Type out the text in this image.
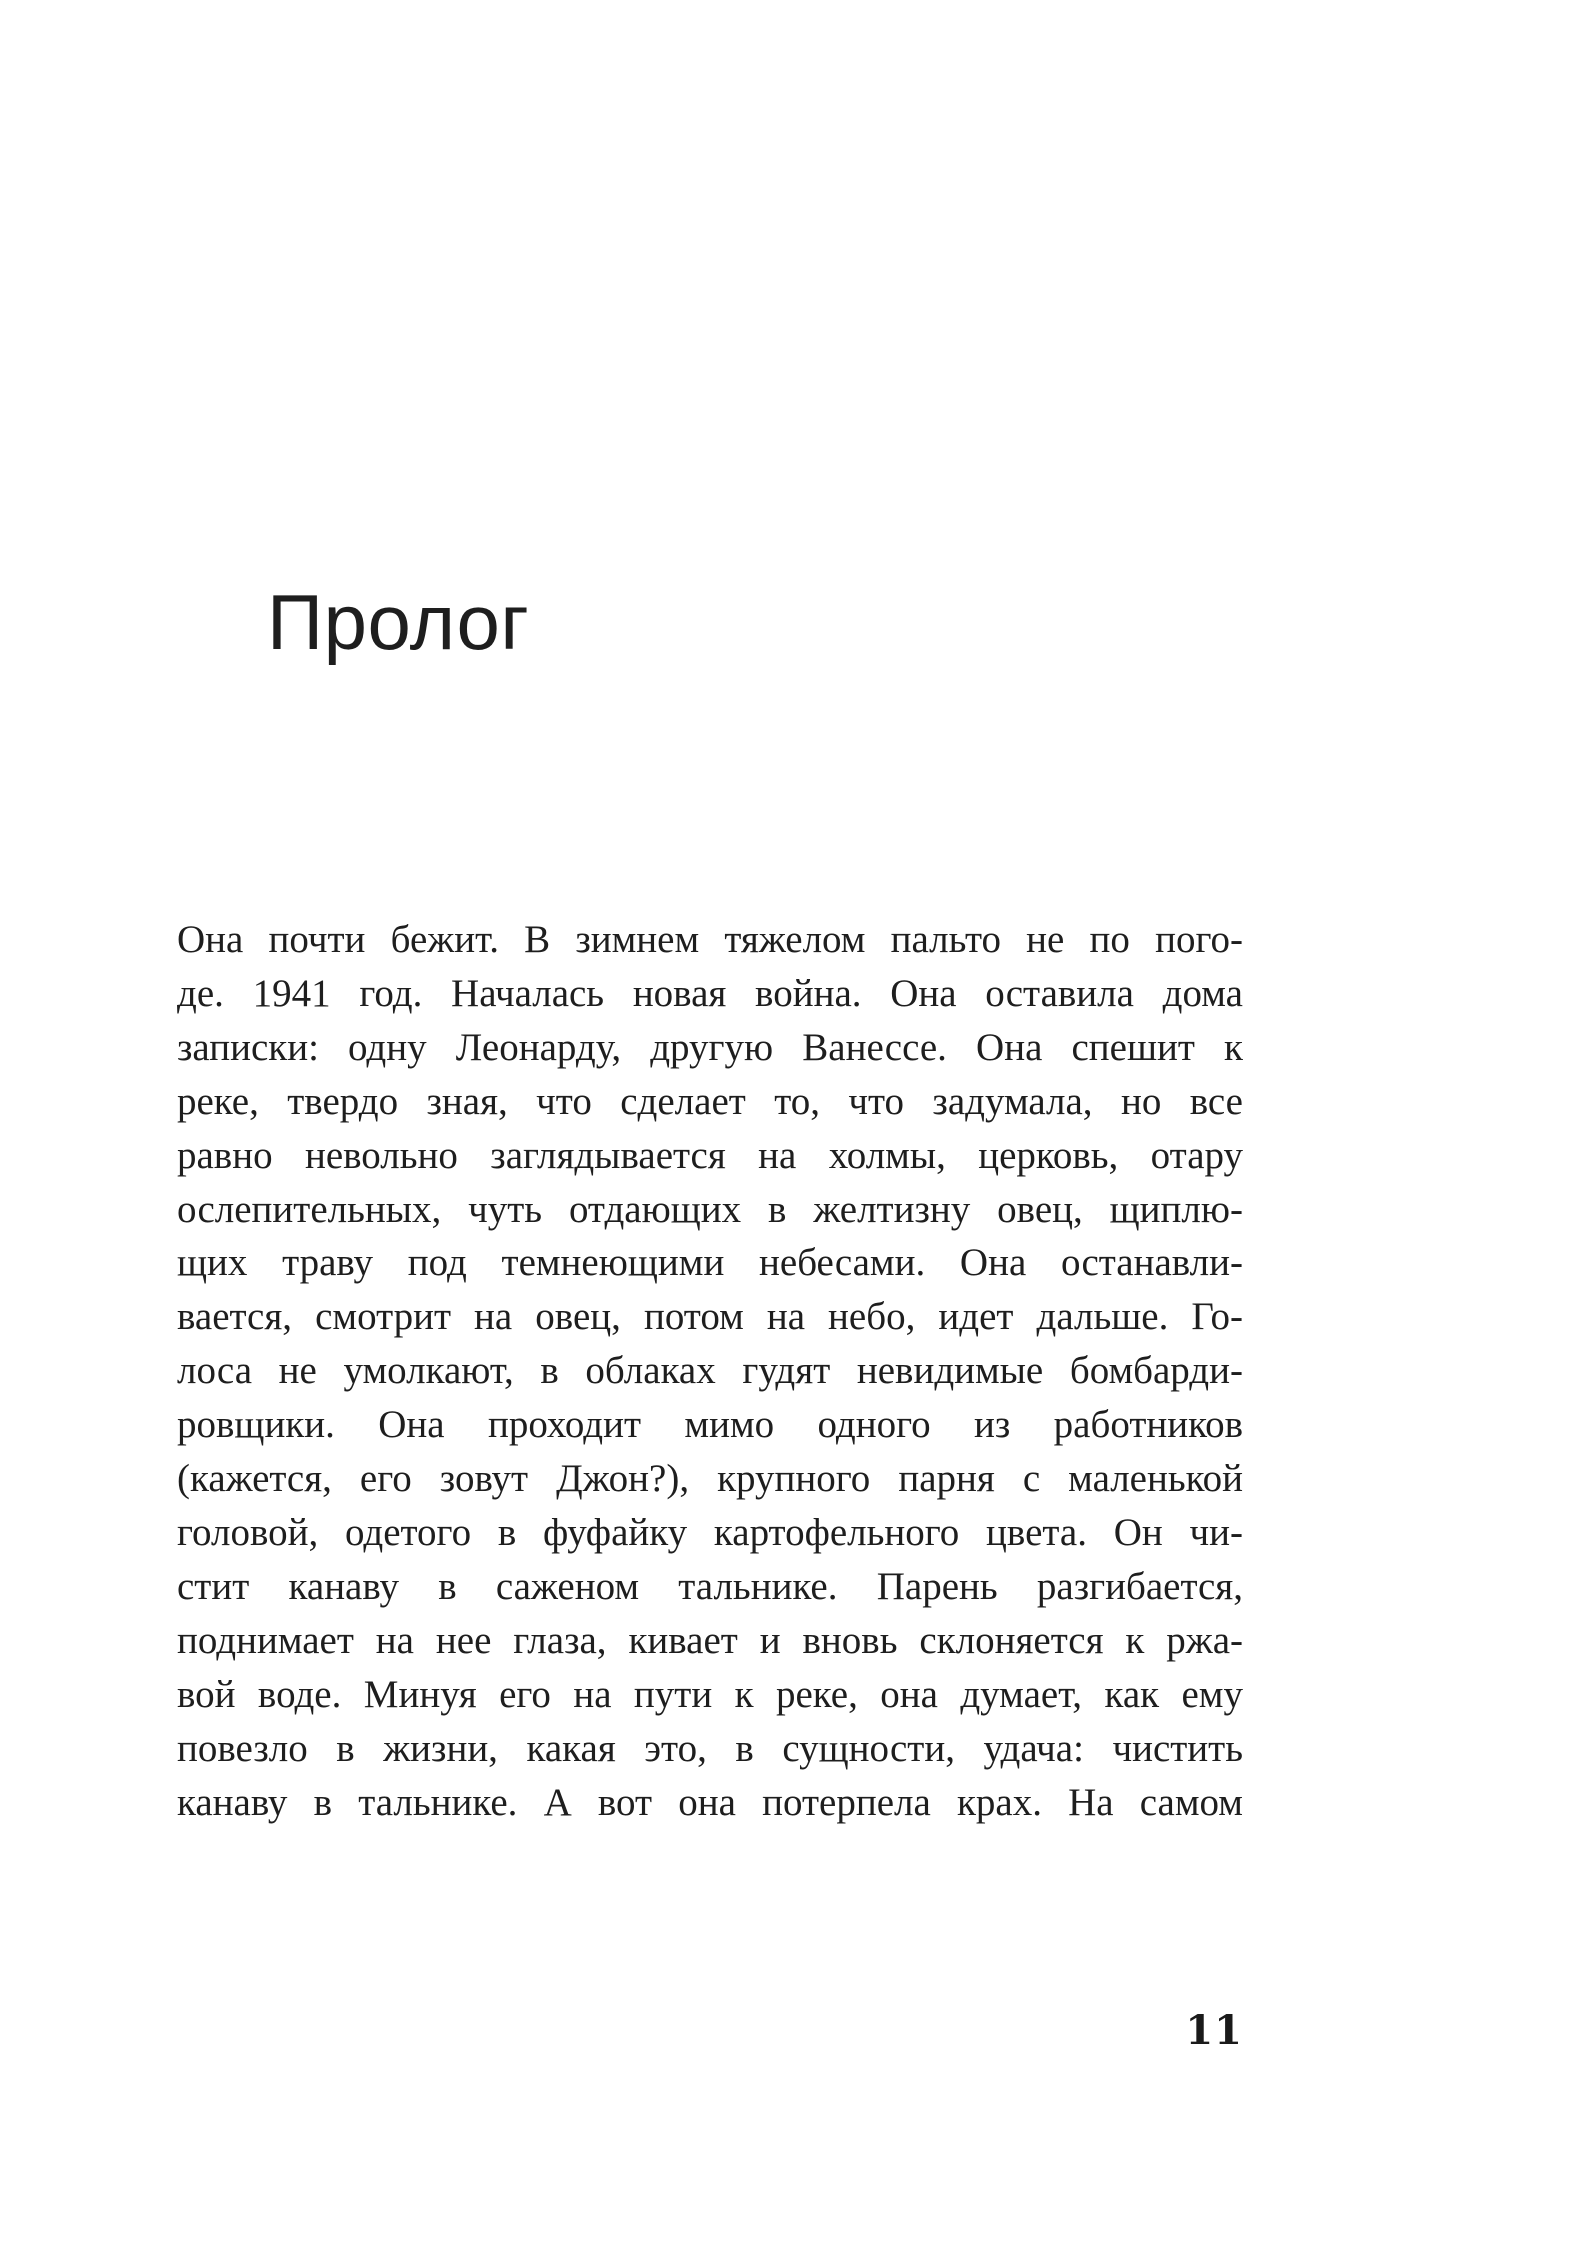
Пролог
Она почти бежит. В зимнем тяжелом пальто не по пого-
де. 1941 год. Началась новая война. Она оставила дома
записки: одну Леонарду, другую Ванессе. Она спешит к
реке, твердо зная, что сделает то, что задумала, но все
равно невольно заглядывается на холмы, церковь, отару
ослепительных, чуть отдающих в желтизну овец, щиплю-
щих траву под темнеющими небесами. Она останавли-
вается, смотрит на овец, потом на небо, идет дальше. Го-
лоса не умолкают, в облаках гудят невидимые бомбарди-
ровщики. Она проходит мимо одного из работников
(кажется, его зовут Джон?), крупного парня с маленькой
головой, одетого в фуфайку картофельного цвета. Он чи-
стит канаву в саженом тальнике. Парень разгибается,
поднимает на нее глаза, кивает и вновь склоняется к ржа-
вой воде. Минуя его на пути к реке, она думает, как ему
повезло в жизни, какая это, в сущности, удача: чистить
канаву в тальнике. А вот она потерпела крах. На самом
11
